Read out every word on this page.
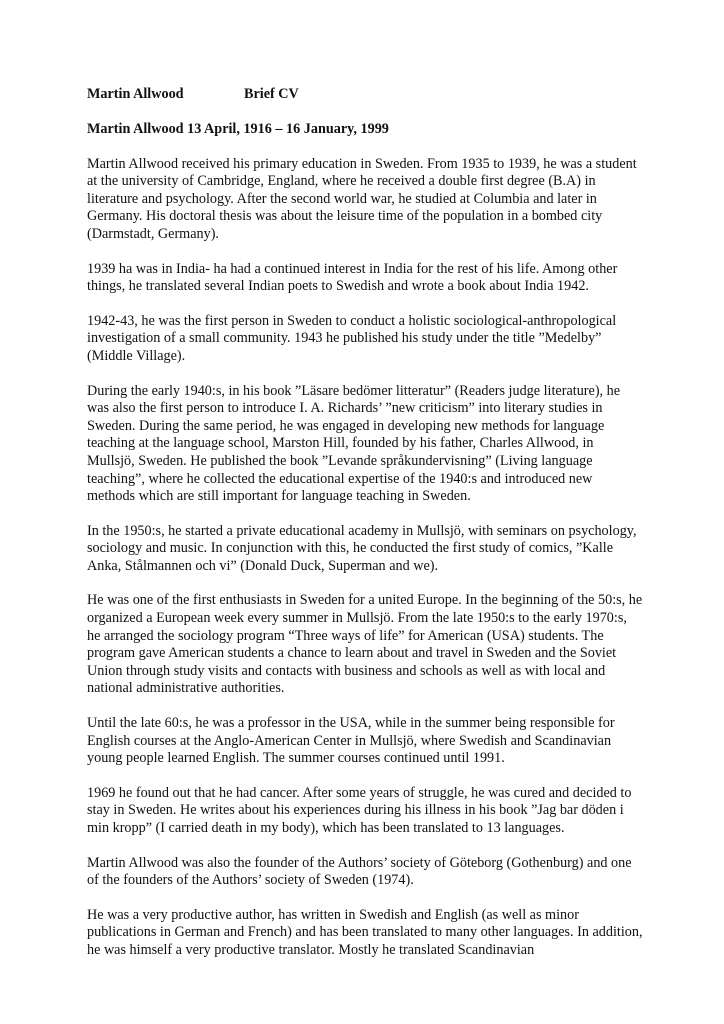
Martin Allwood	Brief CV
Martin Allwood 13 April, 1916 – 16 January, 1999

Martin Allwood received his primary education in Sweden. From 1935 to 1939, he was a student at the university of Cambridge, England, where he received a double first degree (B.A) in literature and psychology. After the second world war, he studied at Columbia and later in Germany. His doctoral thesis was about the leisure time of the population in a bombed city (Darmstadt, Germany).

1939 ha was in India- ha had a continued interest in India for the rest of his life. Among other things, he translated several Indian poets to Swedish and wrote a book about India 1942.

1942-43, he was the first person in Sweden to conduct a holistic sociological-anthropological investigation of a small community. 1943 he published his study under the title ”Medelby” (Middle Village).

During the early 1940:s, in his book ”Läsare bedömer litteratur” (Readers judge literature), he was also the first person to introduce I. A. Richards’ ”new criticism” into literary studies in Sweden. During the same period, he was engaged in developing new methods for language teaching at the language school, Marston Hill, founded by his father, Charles Allwood, in Mullsjö, Sweden. He published the book ”Levande språkundervisning” (Living language teaching”, where he collected the educational expertise of the 1940:s and introduced new methods which are still important for language teaching in Sweden.

In the 1950:s, he started a private educational academy in Mullsjö, with seminars on psychology, sociology and music. In conjunction with this, he conducted the first study of comics, ”Kalle Anka, Stålmannen och vi” (Donald Duck, Superman and we).

He was one of the first enthusiasts in Sweden for a united Europe. In the beginning of the 50:s, he organized a European week every summer in Mullsjö. From the late 1950:s to the early 1970:s, he arranged the sociology program “Three ways of life” for American (USA) students. The program gave American students a chance to learn about and travel in Sweden and the Soviet Union through study visits and contacts with business and schools as well as with local and national administrative authorities.

Until the late 60:s, he was a professor in the USA, while in the summer being responsible for English courses at the Anglo-American Center in Mullsjö, where Swedish and Scandinavian young people learned English. The summer courses continued until 1991.

1969 he found out that he had cancer. After some years of struggle, he was cured and decided to stay in Sweden. He writes about his experiences during his illness in his book ”Jag bar döden i min kropp” (I carried death in my body), which has been translated to 13 languages.

Martin Allwood was also the founder of the Authors’ society of Göteborg (Gothenburg) and one of the founders of the Authors’ society of Sweden (1974).

He was a very productive author, has written in Swedish and English (as well as minor publications in German and French) and has been translated to many other languages. In addition, he was himself a very productive translator. Mostly he translated Scandinavian
